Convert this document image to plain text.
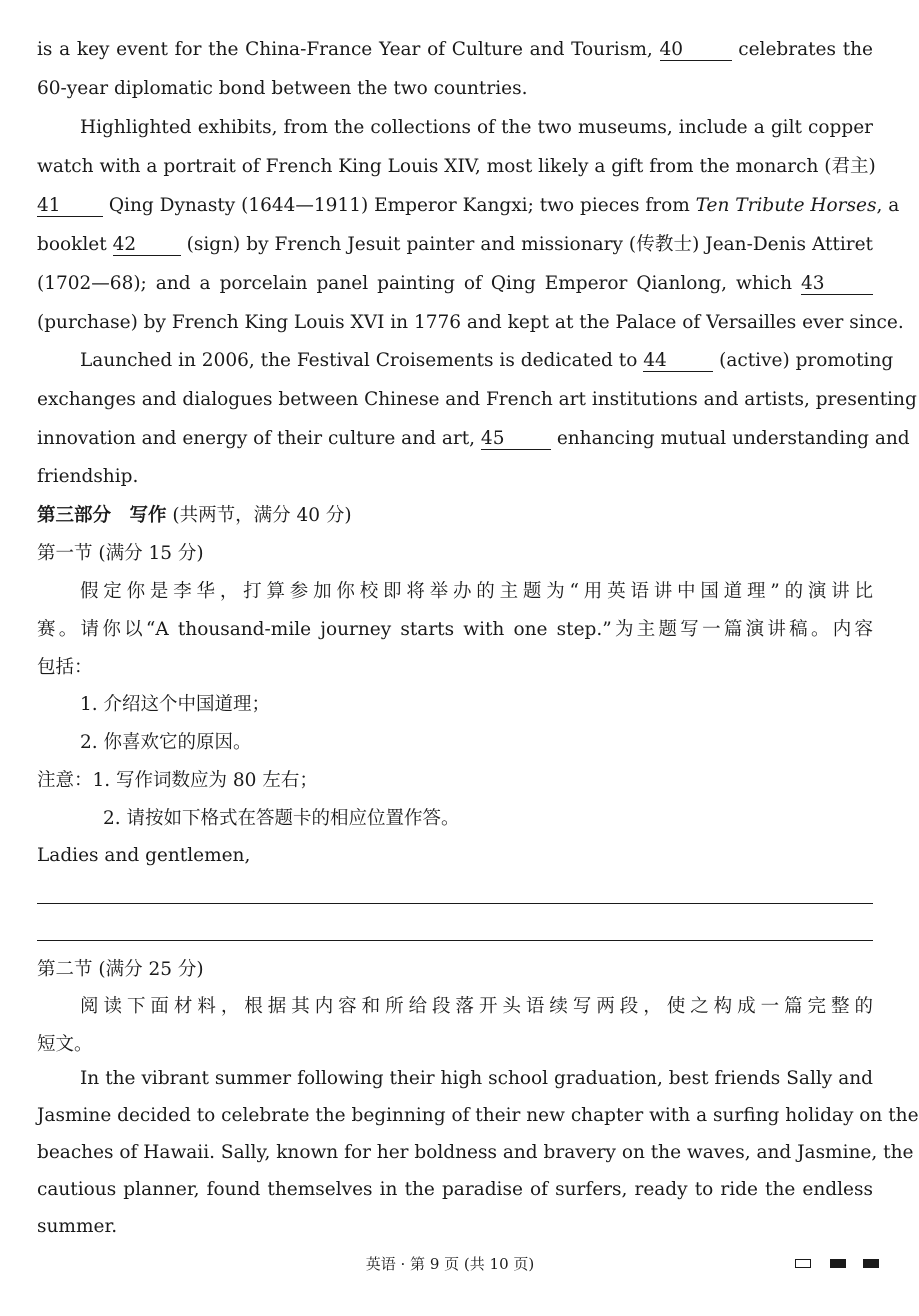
is a key event for the China-France Year of Culture and Tourism, 40	celebrates the
60-year diplomatic bond between the two countries.
Highlighted exhibits, from the collections of the two museums, include a gilt copper
watch with a portrait of French King Louis XIV, most likely a gift from the monarch (君主)
41	Qing Dynasty (1644—1911) Emperor Kangxi; two pieces from Ten Tribute Horses, a
booklet 42	(sign) by French Jesuit painter and missionary (传教士) Jean-Denis Attiret
(1702—68); and a porcelain panel painting of Qing Emperor Qianlong, which 43
(purchase) by French King Louis XVI in 1776 and kept at the Palace of Versailles ever since.
Launched in 2006, the Festival Croisements is dedicated to 44	(active) promoting
exchanges and dialogues between Chinese and French art institutions and artists, presenting
innovation and energy of their culture and art, 45	enhancing mutual understanding and
friendship.
第三部分　写作 (共两节，满分 40 分)
第一节 (满分 15 分)
假定你是李华，打算参加你校即将举办的主题为“用英语讲中国道理”的演讲比
赛。请你以“A thousand-mile journey starts with one step.”为主题写一篇演讲稿。内容
包括：
1. 介绍这个中国道理；
2. 你喜欢它的原因。
注意：1. 写作词数应为 80 左右；
2. 请按如下格式在答题卡的相应位置作答。
Ladies and gentlemen,
第二节 (满分 25 分)
阅读下面材料，根据其内容和所给段落开头语续写两段，使之构成一篇完整的
短文。
In the vibrant summer following their high school graduation, best friends Sally and
Jasmine decided to celebrate the beginning of their new chapter with a surfing holiday on the
beaches of Hawaii. Sally, known for her boldness and bravery on the waves, and Jasmine, the
cautious planner, found themselves in the paradise of surfers, ready to ride the endless
summer.
英语 · 第 9 页 (共 10 页)
